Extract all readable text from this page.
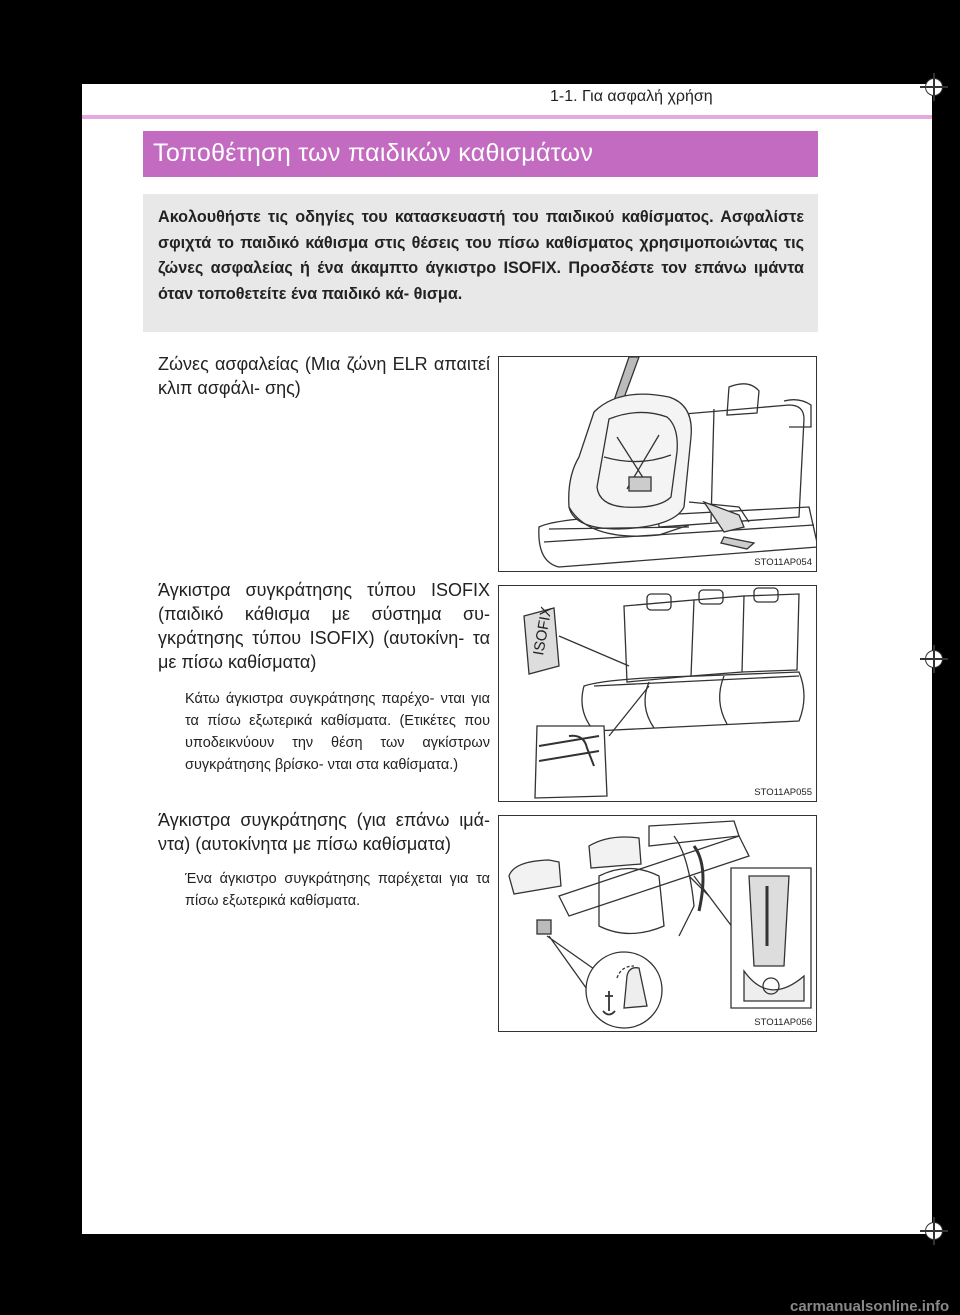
1-1. Για ασφαλή χρήση
Τοποθέτηση των παιδικών καθισμάτων

Ακολουθήστε τις οδηγίες του κατασκευαστή του παιδικού καθίσματος. Ασφαλίστε σφιχτά το παιδικό κάθισμα στις θέσεις του πίσω καθίσματος χρησιμοποιώντας τις ζώνες ασφαλείας ή ένα άκαμπτο άγκιστρο ISOFIX. Προσδέστε τον επάνω ιμάντα όταν τοποθετείτε ένα παιδικό κά- θισμα.

Ζώνες ασφαλείας (Μια ζώνη ELR απαιτεί κλιπ ασφάλι- σης)
STO11AP054
Άγκιστρα συγκράτησης τύπου ISOFIX (παιδικό κάθισμα με σύστημα συ- γκράτησης τύπου ISOFIX) (αυτοκίνη- τα με πίσω καθίσματα)
Κάτω άγκιστρα συγκράτησης παρέχο- νται για τα πίσω εξωτερικά καθίσματα. (Ετικέτες που υποδεικνύουν την θέση των αγκίστρων συγκράτησης βρίσκο- νται στα καθίσματα.)
ISOFIX
STO11AP055
Άγκιστρα συγκράτησης (για επάνω ιμά- ντα) (αυτοκίνητα με πίσω καθίσματα)
Ένα άγκιστρο συγκράτησης παρέχεται για τα πίσω εξωτερικά καθίσματα.
STO11AP056
carmanualsonline.info
